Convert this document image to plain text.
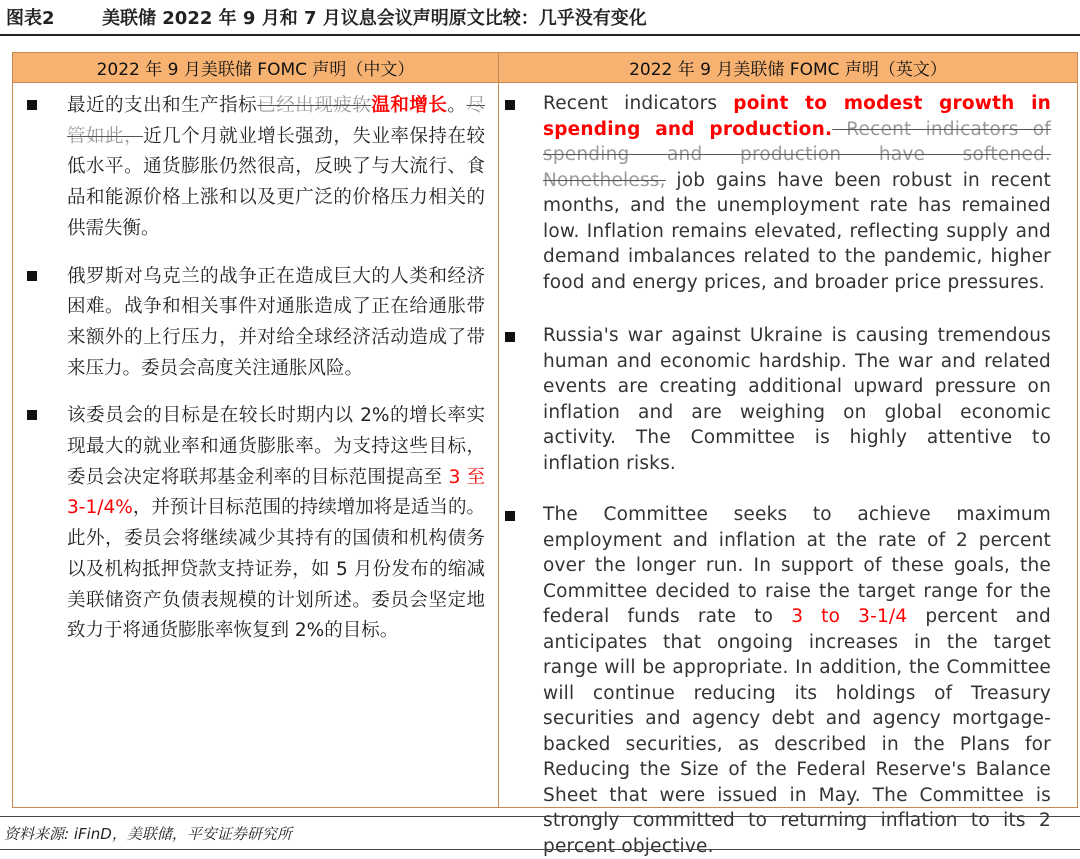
图表2	美联储 2022 年 9 月和 7 月议息会议声明原文比较：几乎没有变化
2022 年 9 月美联储 FOMC 声明（中文）
最近的支出和生产指标已经出现疲软温和增长。尽管如此，近几个月就业增长强劲，失业率保持在较低水平。通货膨胀仍然很高，反映了与大流行、食品和能源价格上涨和以及更广泛的价格压力相关的供需失衡。
俄罗斯对乌克兰的战争正在造成巨大的人类和经济困难。战争和相关事件对通胀造成了正在给通胀带来额外的上行压力，并对给全球经济活动造成了带来压力。委员会高度关注通胀风险。
该委员会的目标是在较长时期内以 2%的增长率实现最大的就业率和通货膨胀率。为支持这些目标，委员会决定将联邦基金利率的目标范围提高至 3 至 3-1/4%，并预计目标范围的持续增加将是适当的。此外，委员会将继续减少其持有的国债和机构债务以及机构抵押贷款支持证券，如 5 月份发布的缩减美联储资产负债表规模的计划所述。委员会坚定地致力于将通货膨胀率恢复到 2%的目标。
2022 年 9 月美联储 FOMC 声明（英文）
Recent indicators point to modest growth in spending and production. Recent indicators of spending and production have softened. Nonetheless, job gains have been robust in recent months, and the unemployment rate has remained low. Inflation remains elevated, reflecting supply and demand imbalances related to the pandemic, higher food and energy prices, and broader price pressures.
Russia's war against Ukraine is causing tremendous human and economic hardship. The war and related events are creating additional upward pressure on inflation and are weighing on global economic activity. The Committee is highly attentive to inflation risks.
The Committee seeks to achieve maximum employment and inflation at the rate of 2 percent over the longer run. In support of these goals, the Committee decided to raise the target range for the federal funds rate to 3 to 3-1/4 percent and anticipates that ongoing increases in the target range will be appropriate. In addition, the Committee will continue reducing its holdings of Treasury securities and agency debt and agency mortgage-backed securities, as described in the Plans for Reducing the Size of the Federal Reserve's Balance Sheet that were issued in May. The Committee is strongly committed to returning inflation to its 2 percent objective.
资料来源: iFinD，美联储，平安证券研究所
